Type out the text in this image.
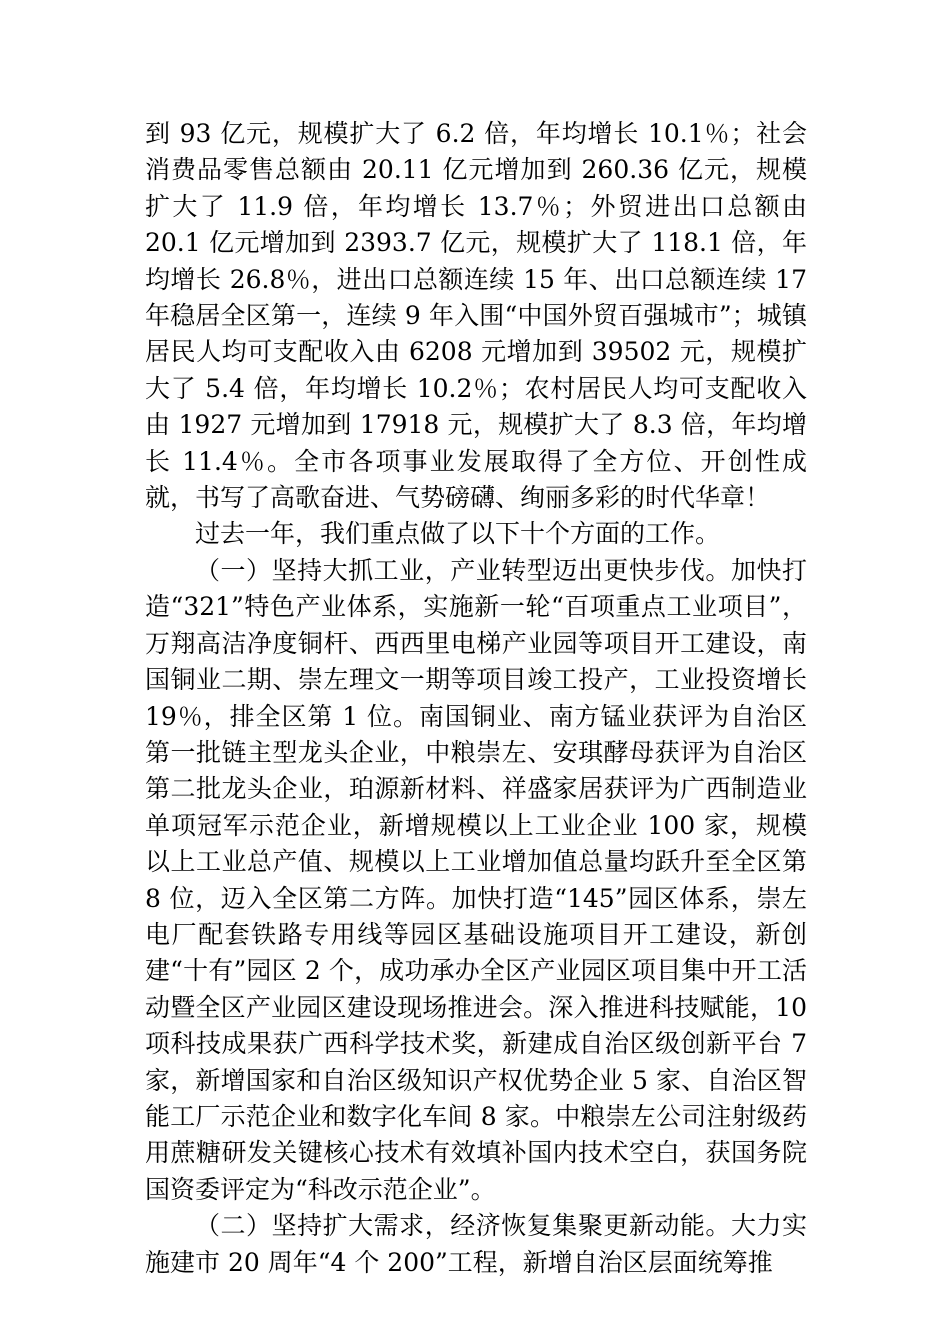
到 93 亿元，规模扩大了 6.2 倍，年均增长 10.1％；社会消费品零售总额由 20.11 亿元增加到 260.36 亿元，规模扩大了 11.9 倍，年均增长 13.7％；外贸进出口总额由 20.1 亿元增加到 2393.7 亿元，规模扩大了 118.1 倍，年均增长 26.8％，进出口总额连续 15 年、出口总额连续 17 年稳居全区第一，连续 9 年入围“中国外贸百强城市”；城镇居民人均可支配收入由 6208 元增加到 39502 元，规模扩大了 5.4 倍，年均增长 10.2％；农村居民人均可支配收入由 1927 元增加到 17918 元，规模扩大了 8.3 倍，年均增长 11.4％。全市各项事业发展取得了全方位、开创性成就，书写了高歌奋进、气势磅礴、绚丽多彩的时代华章！

过去一年，我们重点做了以下十个方面的工作。

（一）坚持大抓工业，产业转型迈出更快步伐。加快打造“321”特色产业体系，实施新一轮“百项重点工业项目”，万翔高洁净度铜杆、西西里电梯产业园等项目开工建设，南国铜业二期、崇左理文一期等项目竣工投产，工业投资增长 19％，排全区第 1 位。南国铜业、南方锰业获评为自治区第一批链主型龙头企业，中粮崇左、安琪酵母获评为自治区第二批龙头企业，珀源新材料、祥盛家居获评为广西制造业单项冠军示范企业，新增规模以上工业企业 100 家，规模以上工业总产值、规模以上工业增加值总量均跃升至全区第 8 位，迈入全区第二方阵。加快打造“145”园区体系，崇左电厂配套铁路专用线等园区基础设施项目开工建设，新创建“十有”园区 2 个，成功承办全区产业园区项目集中开工活动暨全区产业园区建设现场推进会。深入推进科技赋能，10 项科技成果获广西科学技术奖，新建成自治区级创新平台 7 家，新增国家和自治区级知识产权优势企业 5 家、自治区智能工厂示范企业和数字化车间 8 家。中粮崇左公司注射级药用蔗糖研发关键核心技术有效填补国内技术空白，获国务院国资委评定为“科改示范企业”。

（二）坚持扩大需求，经济恢复集聚更新动能。大力实施建市 20 周年“4 个 200”工程，新增自治区层面统筹推
